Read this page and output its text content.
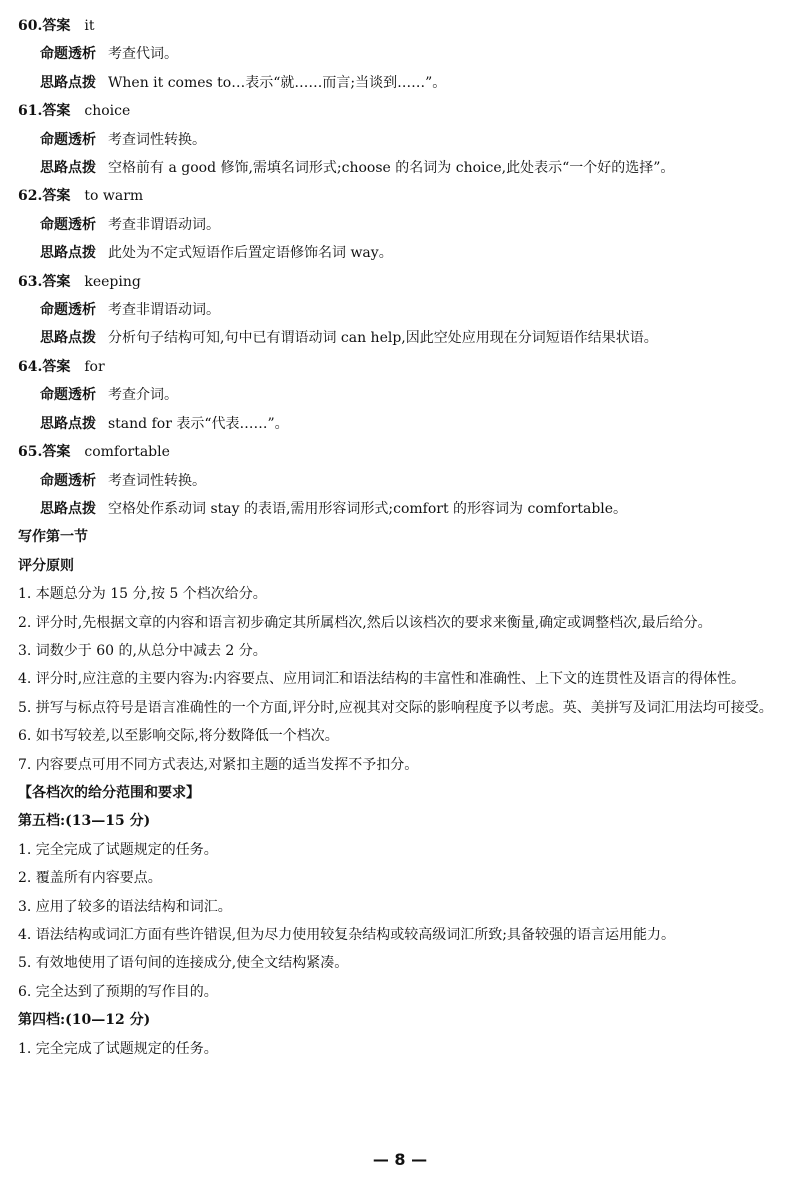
60.答案 it
命题透析 考查代词。
思路点拨 When it comes to…表示“就……而言;当谈到……”。
61.答案 choice
命题透析 考查词性转换。
思路点拨 空格前有 a good 修饰,需填名词形式;choose 的名词为 choice,此处表示“一个好的选择”。
62.答案 to warm
命题透析 考查非谓语动词。
思路点拨 此处为不定式短语作后置定语修饰名词 way。
63.答案 keeping
命题透析 考查非谓语动词。
思路点拨 分析句子结构可知,句中已有谓语动词 can help,因此空处应用现在分词短语作结果状语。
64.答案 for
命题透析 考查介词。
思路点拨 stand for 表示“代表……”。
65.答案 comfortable
命题透析 考查词性转换。
思路点拨 空格处作系动词 stay 的表语,需用形容词形式;comfort 的形容词为 comfortable。
写作第一节
评分原则
1. 本题总分为 15 分,按 5 个档次给分。
2. 评分时,先根据文章的内容和语言初步确定其所属档次,然后以该档次的要求来衡量,确定或调整档次,最后给分。
3. 词数少于 60 的,从总分中减去 2 分。
4. 评分时,应注意的主要内容为:内容要点、应用词汇和语法结构的丰富性和准确性、上下文的连贯性及语言的得体性。
5. 拼写与标点符号是语言准确性的一个方面,评分时,应视其对交际的影响程度予以考虑。英、美拼写及词汇用法均可接受。
6. 如书写较差,以至影响交际,将分数降低一个档次。
7. 内容要点可用不同方式表达,对紧扣主题的适当发挥不予扣分。
【各档次的给分范围和要求】
第五档:(13—15 分)
1. 完全完成了试题规定的任务。
2. 覆盖所有内容要点。
3. 应用了较多的语法结构和词汇。
4. 语法结构或词汇方面有些许错误,但为尽力使用较复杂结构或较高级词汇所致;具备较强的语言运用能力。
5. 有效地使用了语句间的连接成分,使全文结构紧凑。
6. 完全达到了预期的写作目的。
第四档:(10—12 分)
1. 完全完成了试题规定的任务。
— 8 —
